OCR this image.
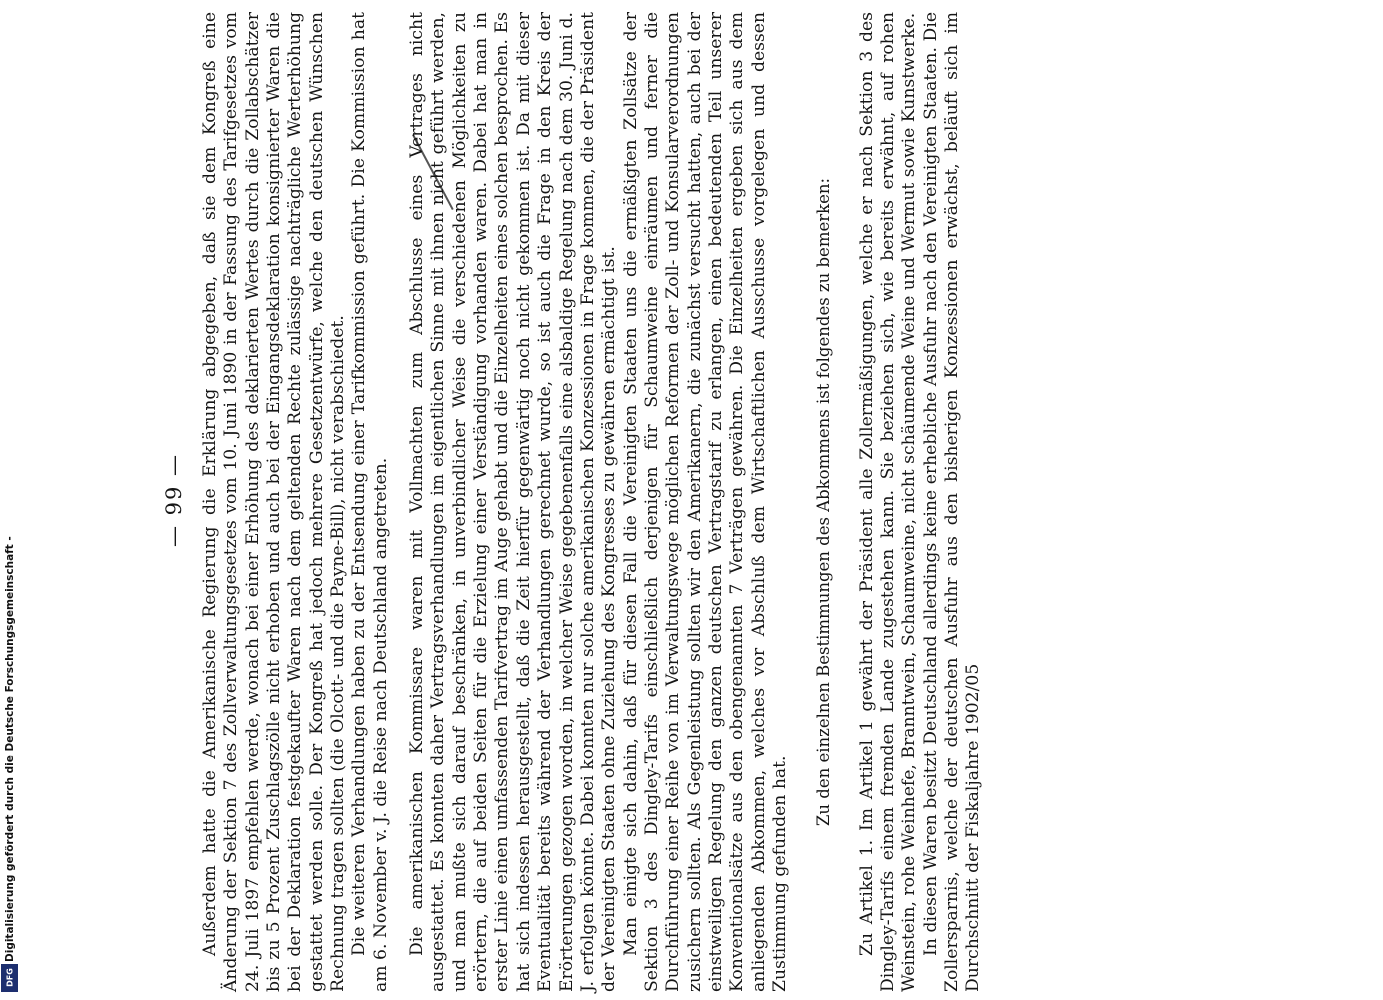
Digitalisierung gefördert durch die Deutsche Forschungsgemeinschaft -
DFG
— 99 — Außerdem hatte die Amerikanische Regierung die Erklärung abgegeben, daß sie dem Kongreß eine Änderung der Sektion 7 des Zollverwaltungsgesetzes vom 10. Juni 1890 in der Fassung des Tarifgesetzes vom 24. Juli 1897 empfehlen werde, wonach bei einer Erhöhung des deklarierten Wertes durch die Zollabschätzer bis zu 5 Prozent Zuschlagszölle nicht erhoben und auch bei der Eingangsdeklaration konsignierter Waren die bei der Deklaration festgekaufter Waren nach dem geltenden Rechte zulässige nachträgliche Werterhöhung gestattet werden solle. Der Kongreß hat jedoch mehrere Gesetzentwürfe, welche den deutschen Wünschen Rechnung tragen sollten (die Olcott- und die Payne-Bill), nicht verabschiedet. Die weiteren Verhandlungen haben zu der Entsendung einer Tarifkommission geführt. Die Kommission hat am 6. November v. J. die Reise nach Deutschland angetreten. Die amerikanischen Kommissare waren mit Vollmachten zum Abschlusse eines Vertrages nicht ausgestattet. Es konnten daher Vertragsverhandlungen im eigentlichen Sinne mit ihnen nicht geführt werden, und man mußte sich darauf beschränken, in unverbindlicher Weise die verschiedenen Möglichkeiten zu erörtern, die auf beiden Seiten für die Erzielung einer Verständigung vorhanden waren. Dabei hat man in erster Linie einen umfassenden Tarifvertrag im Auge gehabt und die Einzelheiten eines solchen besprochen. Es hat sich indessen herausgestellt, daß die Zeit hierfür gegenwärtig noch nicht gekommen ist. Da mit dieser Eventualität bereits während der Verhandlungen gerechnet wurde, so ist auch die Frage in den Kreis der Erörterungen gezogen worden, in welcher Weise gegebenenfalls eine alsbaldige Regelung nach dem 30. Juni d. J. erfolgen könnte. Dabei konnten nur solche amerikanischen Konzessionen in Frage kommen, die der Präsident der Vereinigten Staaten ohne Zuziehung des Kongresses zu gewähren ermächtigt ist. Man einigte sich dahin, daß für diesen Fall die Vereinigten Staaten uns die ermäßigten Zollsätze der Sektion 3 des Dingley-Tarifs einschließlich derjenigen für Schaumweine einräumen und ferner die Durchführung einer Reihe von im Verwaltungswege möglichen Reformen der Zoll- und Konsularverordnungen zusichern sollten. Als Gegenleistung sollten wir den Amerikanern, die zunächst versucht hatten, auch bei der einstweiligen Regelung den ganzen deutschen Vertragstarif zu erlangen, einen bedeutenden Teil unserer Konventionalsätze aus den obengenannten 7 Verträgen gewähren. Die Einzelheiten ergeben sich aus dem anliegenden Abkommen, welches vor Abschluß dem Wirtschaftlichen Ausschusse vorgelegen und dessen Zustimmung gefunden hat.

Zu den einzelnen Bestimmungen des Abkommens ist folgendes zu bemerken: Zu Artikel 1. Im Artikel 1 gewährt der Präsident alle Zollermäßigungen, welche er nach Sektion 3 des Dingley-Tarifs einem fremden Lande zugestehen kann. Sie beziehen sich, wie bereits erwähnt, auf rohen Weinstein, rohe Weinhefe, Branntwein, Schaumweine, nicht schäumende Weine und Wermut sowie Kunstwerke. In diesen Waren besitzt Deutschland allerdings keine erhebliche Ausfuhr nach den Vereinigten Staaten. Die Zollersparnis, welche der deutschen Ausfuhr aus den bisherigen Konzessionen erwächst, beläuft sich im Durchschnitt der Fiskaljahre 1902/05
